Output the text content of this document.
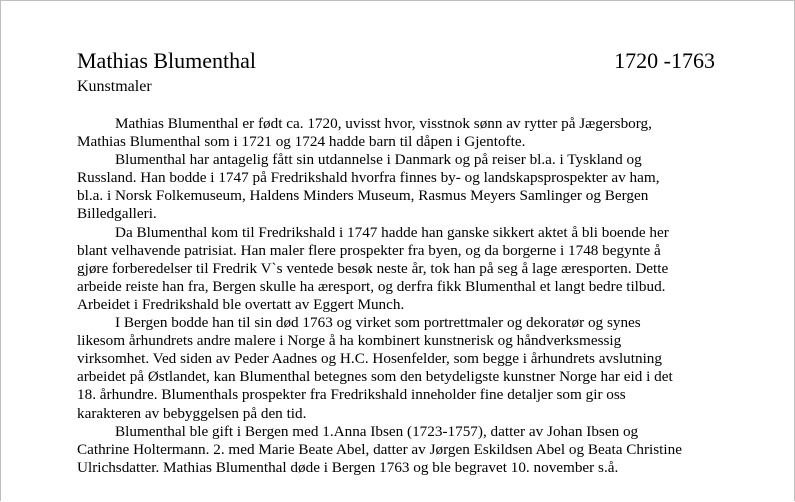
Mathias Blumenthal	1720 -1763
Kunstmaler
Mathias Blumenthal er født ca. 1720, uvisst hvor, visstnok sønn av rytter på Jægersborg,
Mathias Blumenthal som i 1721 og 1724 hadde barn til dåpen i Gjentofte.
Blumenthal har antagelig fått sin utdannelse i Danmark og på reiser bl.a. i Tyskland og
Russland. Han bodde i 1747 på Fredrikshald hvorfra finnes by- og landskapsprospekter av ham,
bl.a. i Norsk Folkemuseum, Haldens Minders Museum, Rasmus Meyers Samlinger og Bergen
Billedgalleri.
Da Blumenthal kom til Fredrikshald i 1747 hadde han ganske sikkert aktet å bli boende her
blant velhavende patrisiat. Han maler flere prospekter fra byen, og da borgerne i 1748 begynte å
gjøre forberedelser til Fredrik V`s ventede besøk neste år, tok han på seg å lage æresporten. Dette
arbeide reiste han fra, Bergen skulle ha æresport, og derfra fikk Blumenthal et langt bedre tilbud.
Arbeidet i Fredrikshald ble overtatt av Eggert Munch.
I Bergen bodde han til sin død 1763 og virket som portrettmaler og dekoratør og synes
likesom århundrets andre malere i Norge å ha kombinert kunstnerisk og håndverksmessig
virksomhet. Ved siden av Peder Aadnes og H.C. Hosenfelder, som begge i århundrets avslutning
arbeidet på Østlandet, kan Blumenthal betegnes som den betydeligste kunstner Norge har eid i det
18. århundre. Blumenthals prospekter fra Fredrikshald inneholder fine detaljer som gir oss
karakteren av bebyggelsen på den tid.
Blumenthal ble gift i Bergen med 1.Anna Ibsen (1723-1757), datter av Johan Ibsen og
Cathrine Holtermann. 2. med Marie Beate Abel, datter av Jørgen Eskildsen Abel og Beata Christine
Ulrichsdatter. Mathias Blumenthal døde i Bergen 1763 og ble begravet 10. november s.å.
